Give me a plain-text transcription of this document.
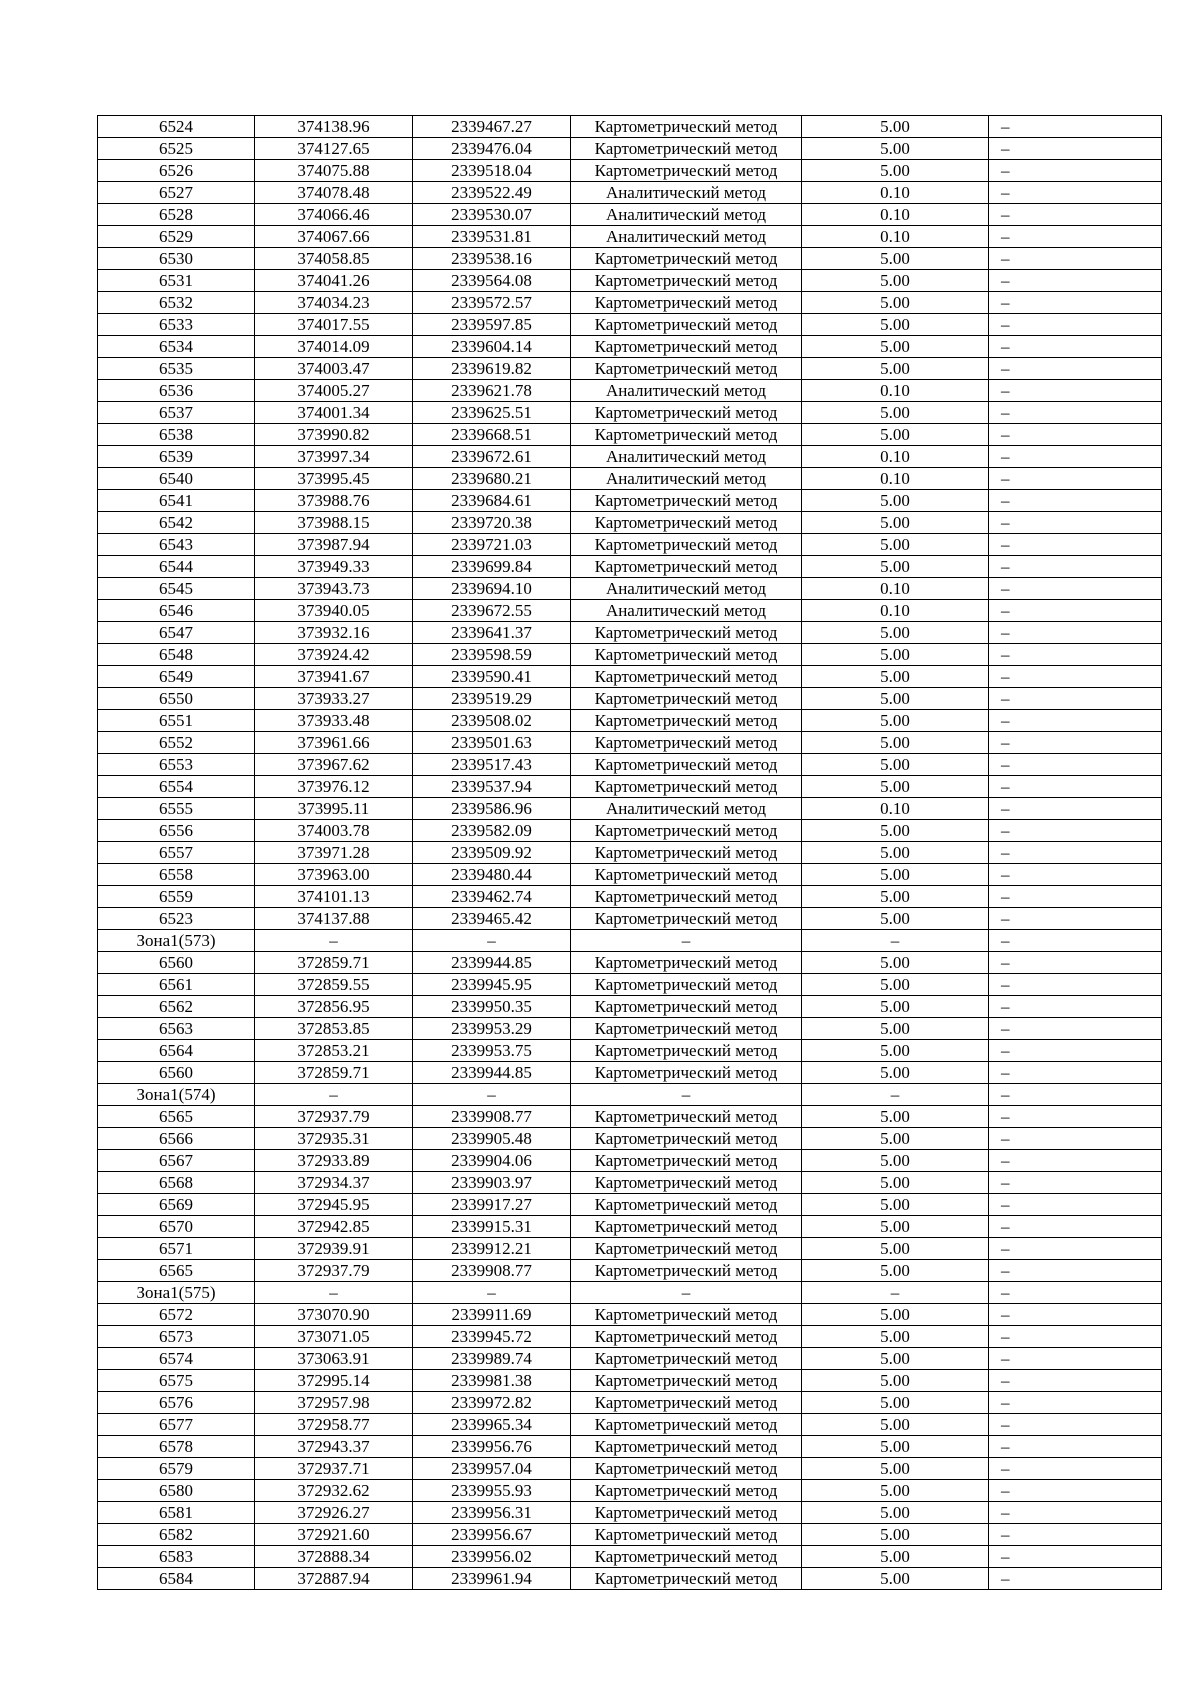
6524	374138.96	2339467.27	Картометрический метод	5.00	–
6525	374127.65	2339476.04	Картометрический метод	5.00	–
6526	374075.88	2339518.04	Картометрический метод	5.00	–
6527	374078.48	2339522.49	Аналитический метод	0.10	–
6528	374066.46	2339530.07	Аналитический метод	0.10	–
6529	374067.66	2339531.81	Аналитический метод	0.10	–
6530	374058.85	2339538.16	Картометрический метод	5.00	–
6531	374041.26	2339564.08	Картометрический метод	5.00	–
6532	374034.23	2339572.57	Картометрический метод	5.00	–
6533	374017.55	2339597.85	Картометрический метод	5.00	–
6534	374014.09	2339604.14	Картометрический метод	5.00	–
6535	374003.47	2339619.82	Картометрический метод	5.00	–
6536	374005.27	2339621.78	Аналитический метод	0.10	–
6537	374001.34	2339625.51	Картометрический метод	5.00	–
6538	373990.82	2339668.51	Картометрический метод	5.00	–
6539	373997.34	2339672.61	Аналитический метод	0.10	–
6540	373995.45	2339680.21	Аналитический метод	0.10	–
6541	373988.76	2339684.61	Картометрический метод	5.00	–
6542	373988.15	2339720.38	Картометрический метод	5.00	–
6543	373987.94	2339721.03	Картометрический метод	5.00	–
6544	373949.33	2339699.84	Картометрический метод	5.00	–
6545	373943.73	2339694.10	Аналитический метод	0.10	–
6546	373940.05	2339672.55	Аналитический метод	0.10	–
6547	373932.16	2339641.37	Картометрический метод	5.00	–
6548	373924.42	2339598.59	Картометрический метод	5.00	–
6549	373941.67	2339590.41	Картометрический метод	5.00	–
6550	373933.27	2339519.29	Картометрический метод	5.00	–
6551	373933.48	2339508.02	Картометрический метод	5.00	–
6552	373961.66	2339501.63	Картометрический метод	5.00	–
6553	373967.62	2339517.43	Картометрический метод	5.00	–
6554	373976.12	2339537.94	Картометрический метод	5.00	–
6555	373995.11	2339586.96	Аналитический метод	0.10	–
6556	374003.78	2339582.09	Картометрический метод	5.00	–
6557	373971.28	2339509.92	Картометрический метод	5.00	–
6558	373963.00	2339480.44	Картометрический метод	5.00	–
6559	374101.13	2339462.74	Картометрический метод	5.00	–
6523	374137.88	2339465.42	Картометрический метод	5.00	–
Зона1(573)	–	–	–	–	–
6560	372859.71	2339944.85	Картометрический метод	5.00	–
6561	372859.55	2339945.95	Картометрический метод	5.00	–
6562	372856.95	2339950.35	Картометрический метод	5.00	–
6563	372853.85	2339953.29	Картометрический метод	5.00	–
6564	372853.21	2339953.75	Картометрический метод	5.00	–
6560	372859.71	2339944.85	Картометрический метод	5.00	–
Зона1(574)	–	–	–	–	–
6565	372937.79	2339908.77	Картометрический метод	5.00	–
6566	372935.31	2339905.48	Картометрический метод	5.00	–
6567	372933.89	2339904.06	Картометрический метод	5.00	–
6568	372934.37	2339903.97	Картометрический метод	5.00	–
6569	372945.95	2339917.27	Картометрический метод	5.00	–
6570	372942.85	2339915.31	Картометрический метод	5.00	–
6571	372939.91	2339912.21	Картометрический метод	5.00	–
6565	372937.79	2339908.77	Картометрический метод	5.00	–
Зона1(575)	–	–	–	–	–
6572	373070.90	2339911.69	Картометрический метод	5.00	–
6573	373071.05	2339945.72	Картометрический метод	5.00	–
6574	373063.91	2339989.74	Картометрический метод	5.00	–
6575	372995.14	2339981.38	Картометрический метод	5.00	–
6576	372957.98	2339972.82	Картометрический метод	5.00	–
6577	372958.77	2339965.34	Картометрический метод	5.00	–
6578	372943.37	2339956.76	Картометрический метод	5.00	–
6579	372937.71	2339957.04	Картометрический метод	5.00	–
6580	372932.62	2339955.93	Картометрический метод	5.00	–
6581	372926.27	2339956.31	Картометрический метод	5.00	–
6582	372921.60	2339956.67	Картометрический метод	5.00	–
6583	372888.34	2339956.02	Картометрический метод	5.00	–
6584	372887.94	2339961.94	Картометрический метод	5.00	–
